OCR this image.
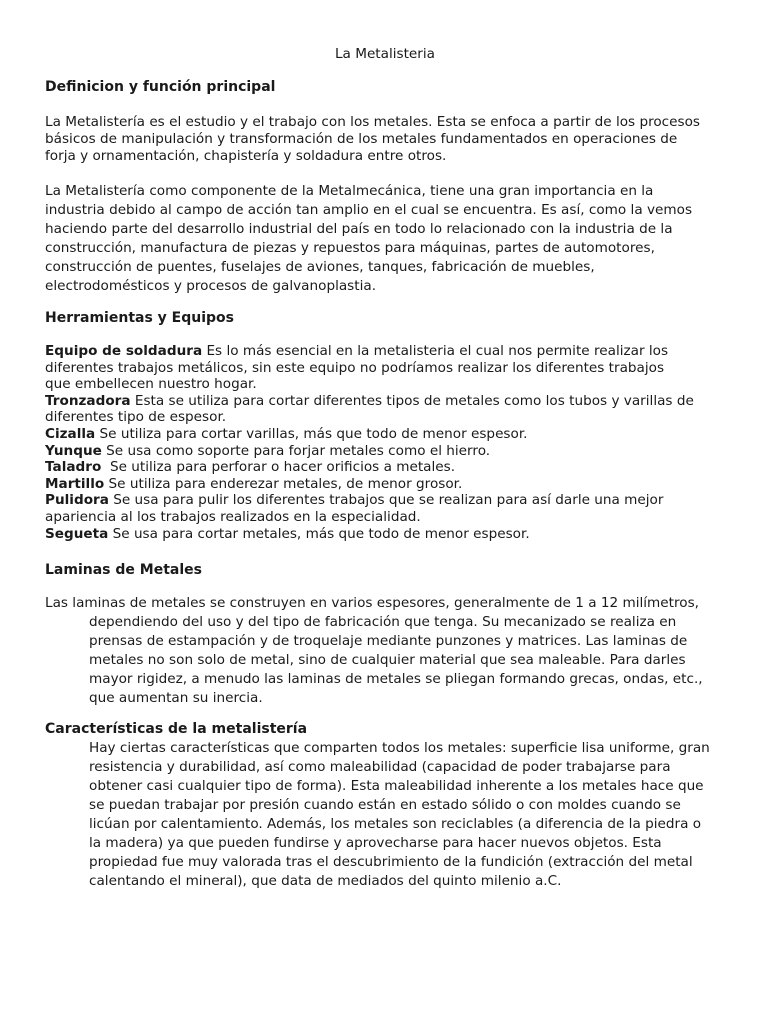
La Metalisteria
Definicion y función principal
La Metalistería es el estudio y el trabajo con los metales. Esta se enfoca a partir de los procesos
básicos de manipulación y transformación de los metales fundamentados en operaciones de
forja y ornamentación, chapistería y soldadura entre otros.
La Metalistería como componente de la Metalmecánica, tiene una gran importancia en la
industria debido al campo de acción tan amplio en el cual se encuentra. Es así, como la vemos
haciendo parte del desarrollo industrial del país en todo lo relacionado con la industria de la
construcción, manufactura de piezas y repuestos para máquinas, partes de automotores,
construcción de puentes, fuselajes de aviones, tanques, fabricación de muebles,
electrodomésticos y procesos de galvanoplastia.
Herramientas y Equipos
Equipo de soldadura Es lo más esencial en la metalisteria el cual nos permite realizar los
diferentes trabajos metálicos, sin este equipo no podríamos realizar los diferentes trabajos
que embellecen nuestro hogar.
Tronzadora Esta se utiliza para cortar diferentes tipos de metales como los tubos y varillas de
diferentes tipo de espesor.
Cizalla Se utiliza para cortar varillas, más que todo de menor espesor.
Yunque Se usa como soporte para forjar metales como el hierro.
Taladro  Se utiliza para perforar o hacer orificios a metales.
Martillo Se utiliza para enderezar metales, de menor grosor.
Pulidora Se usa para pulir los diferentes trabajos que se realizan para así darle una mejor
apariencia al los trabajos realizados en la especialidad.
Segueta Se usa para cortar metales, más que todo de menor espesor.
Laminas de Metales
Las laminas de metales se construyen en varios espesores, generalmente de 1 a 12 milímetros,
dependiendo del uso y del tipo de fabricación que tenga. Su mecanizado se realiza en
prensas de estampación y de troquelaje mediante punzones y matrices. Las laminas de
metales no son solo de metal, sino de cualquier material que sea maleable. Para darles
mayor rigidez, a menudo las laminas de metales se pliegan formando grecas, ondas, etc.,
que aumentan su inercia.
Características de la metalistería
Hay ciertas características que comparten todos los metales: superficie lisa uniforme, gran
resistencia y durabilidad, así como maleabilidad (capacidad de poder trabajarse para
obtener casi cualquier tipo de forma). Esta maleabilidad inherente a los metales hace que
se puedan trabajar por presión cuando están en estado sólido o con moldes cuando se
licúan por calentamiento. Además, los metales son reciclables (a diferencia de la piedra o
la madera) ya que pueden fundirse y aprovecharse para hacer nuevos objetos. Esta
propiedad fue muy valorada tras el descubrimiento de la fundición (extracción del metal
calentando el mineral), que data de mediados del quinto milenio a.C.
